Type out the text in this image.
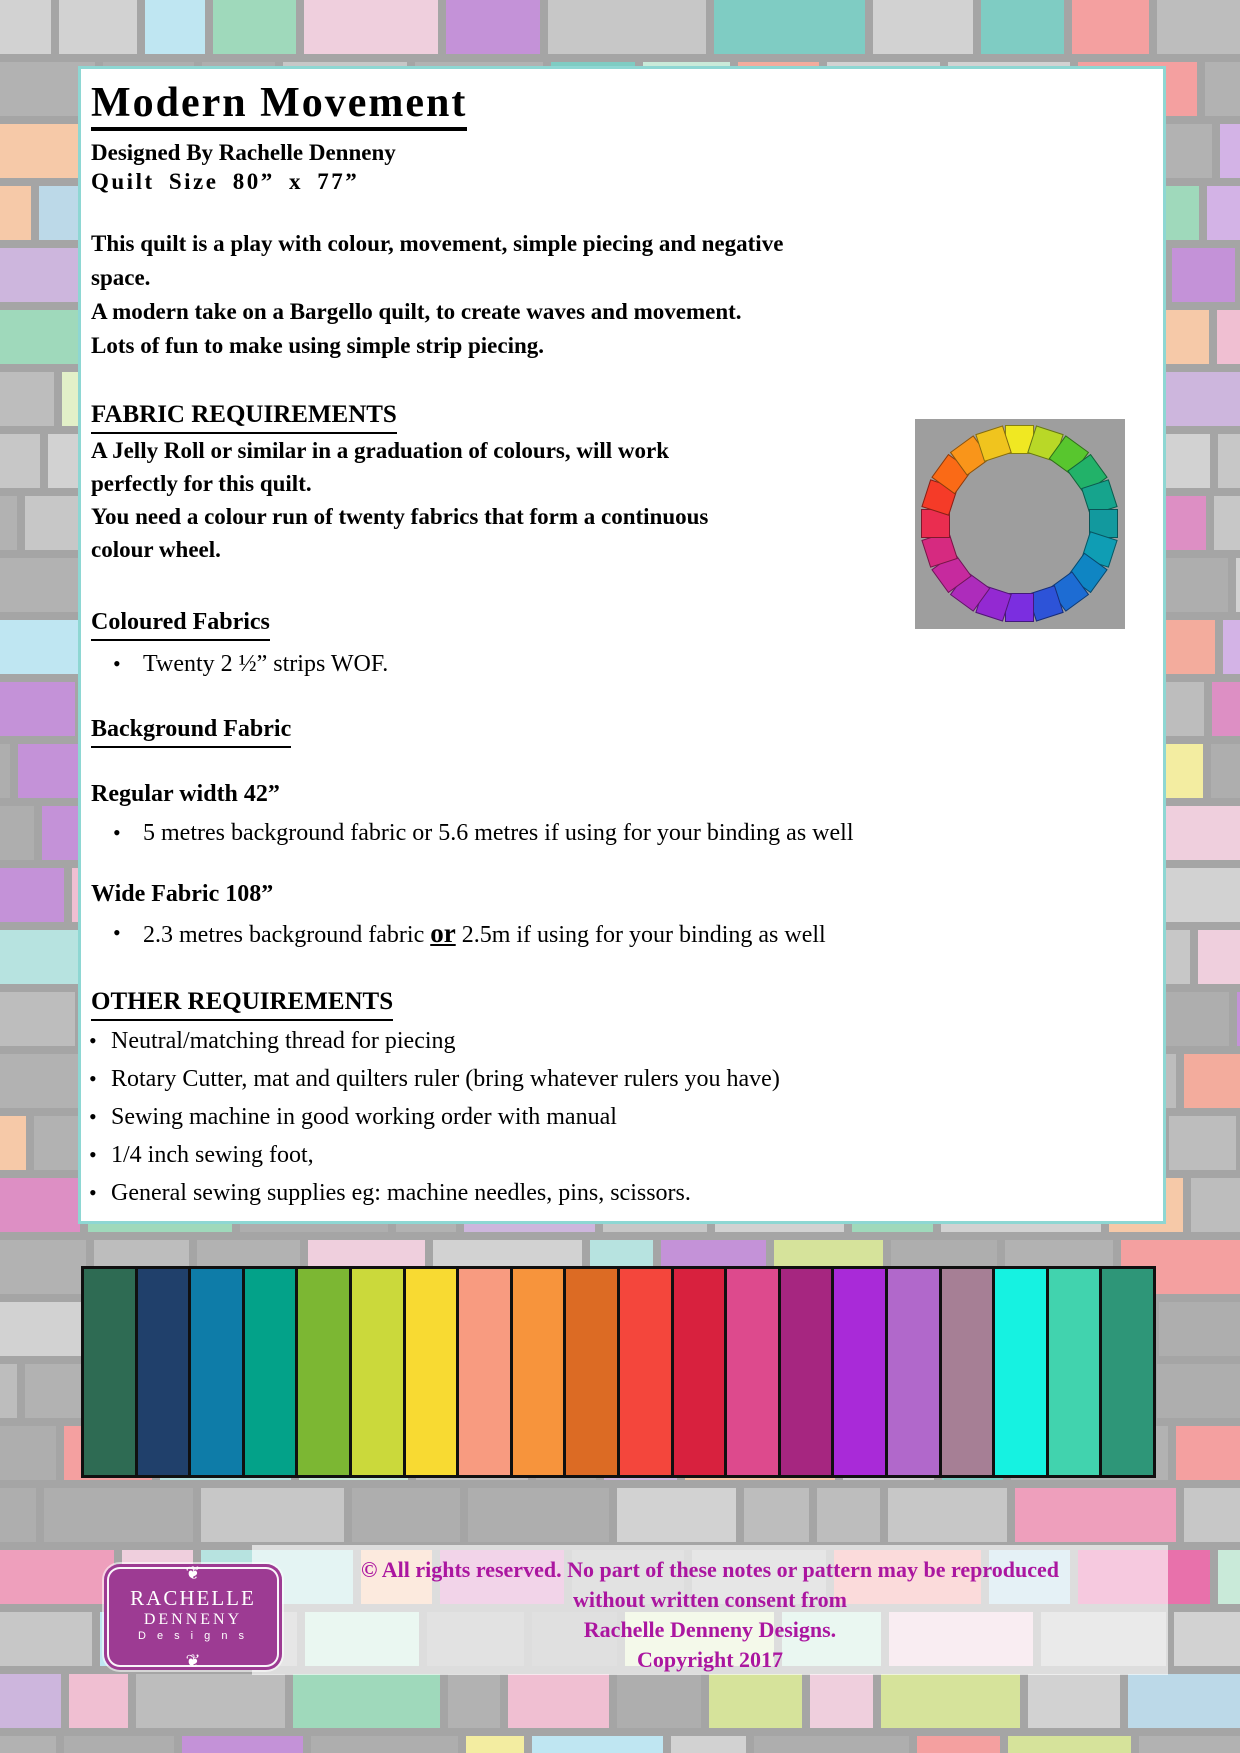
Modern Movement
Designed By Rachelle Denneny
Quilt Size 80” x 77”
This quilt is a play with colour, movement, simple piecing and negative
space.
A modern take on a Bargello quilt, to create waves and movement.
Lots of fun to make using simple strip piecing.
FABRIC REQUIREMENTS
A Jelly Roll or similar in a graduation of colours, will work
perfectly for this quilt.
You need a colour run of twenty fabrics that form a continuous
colour wheel.
Coloured Fabrics
• Twenty 2 ½” strips WOF.
Background Fabric
Regular width 42”
• 5 metres background fabric or 5.6 metres if using for your binding as well
Wide Fabric 108”
• 2.3 metres background fabric or 2.5m if using for your binding as well
OTHER REQUIREMENTS
• Neutral/matching thread for piecing
• Rotary Cutter, mat and quilters ruler (bring whatever rulers you have)
• Sewing machine in good working order with manual
• 1/4 inch sewing foot,
• General sewing supplies eg: machine needles, pins, scissors.
© All rights reserved. No part of these notes or pattern may be reproduced
without written consent from
Rachelle Denneny Designs.
Copyright 2017
❦
RACHELLE
DENNENY
D e s i g n s
❦
